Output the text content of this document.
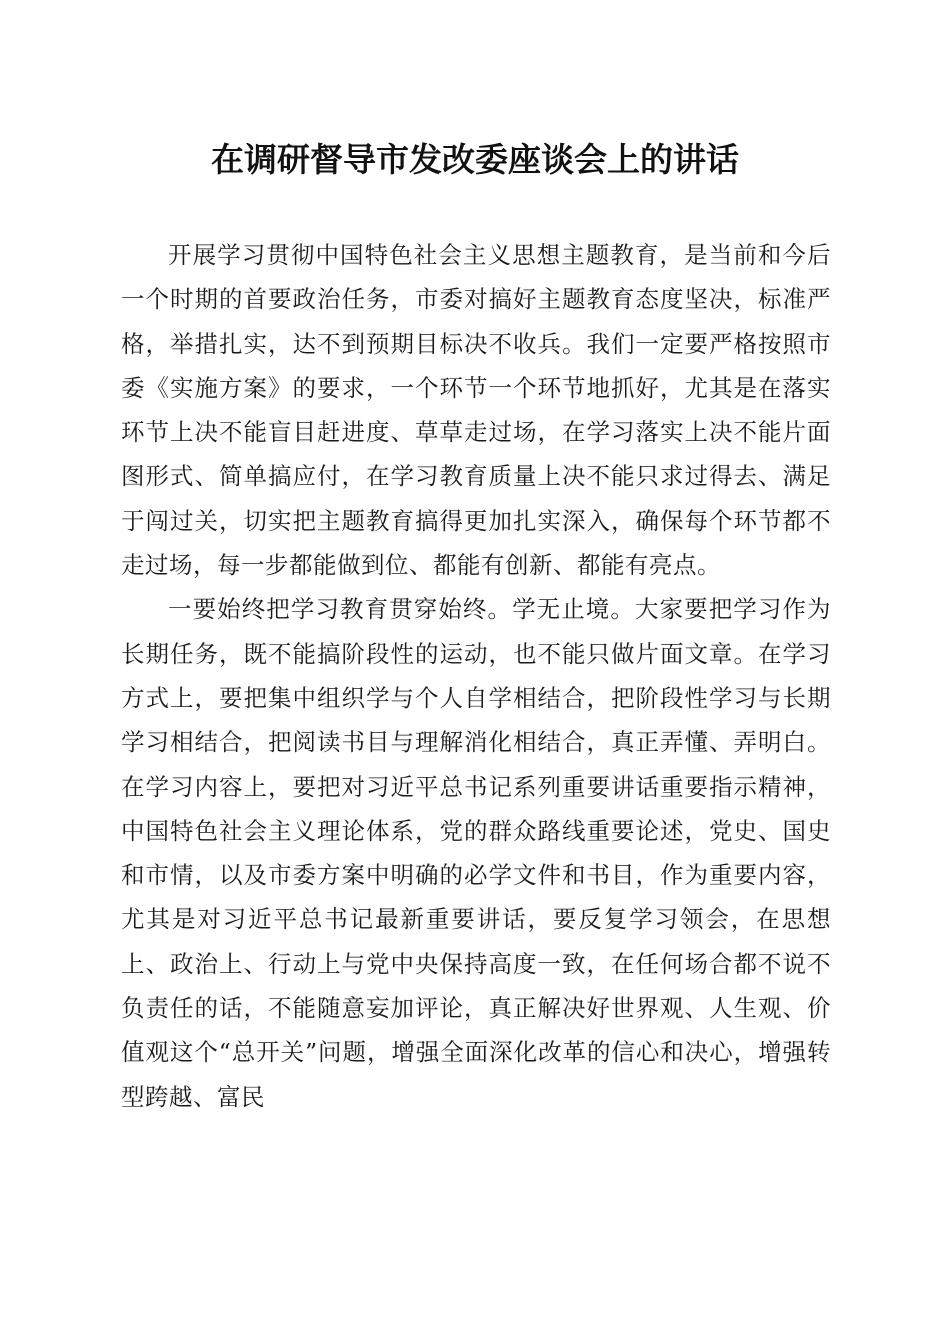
在调研督导市发改委座谈会上的讲话

开展学习贯彻中国特色社会主义思想主题教育，是当前和今后一个时期的首要政治任务，市委对搞好主题教育态度坚决，标准严格，举措扎实，达不到预期目标决不收兵。我们一定要严格按照市委《实施方案》的要求，一个环节一个环节地抓好，尤其是在落实环节上决不能盲目赶进度、草草走过场，在学习落实上决不能片面图形式、简单搞应付，在学习教育质量上决不能只求过得去、满足于闯过关，切实把主题教育搞得更加扎实深入，确保每个环节都不走过场，每一步都能做到位、都能有创新、都能有亮点。

一要始终把学习教育贯穿始终。学无止境。大家要把学习作为长期任务，既不能搞阶段性的运动，也不能只做片面文章。在学习方式上，要把集中组织学与个人自学相结合，把阶段性学习与长期学习相结合，把阅读书目与理解消化相结合，真正弄懂、弄明白。在学习内容上，要把对习近平总书记系列重要讲话重要指示精神，中国特色社会主义理论体系，党的群众路线重要论述，党史、国史和市情，以及市委方案中明确的必学文件和书目，作为重要内容，尤其是对习近平总书记最新重要讲话，要反复学习领会，在思想上、政治上、行动上与党中央保持高度一致，在任何场合都不说不负责任的话，不能随意妄加评论，真正解决好世界观、人生观、价值观这个“总开关”问题，增强全面深化改革的信心和决心，增强转型跨越、富民
